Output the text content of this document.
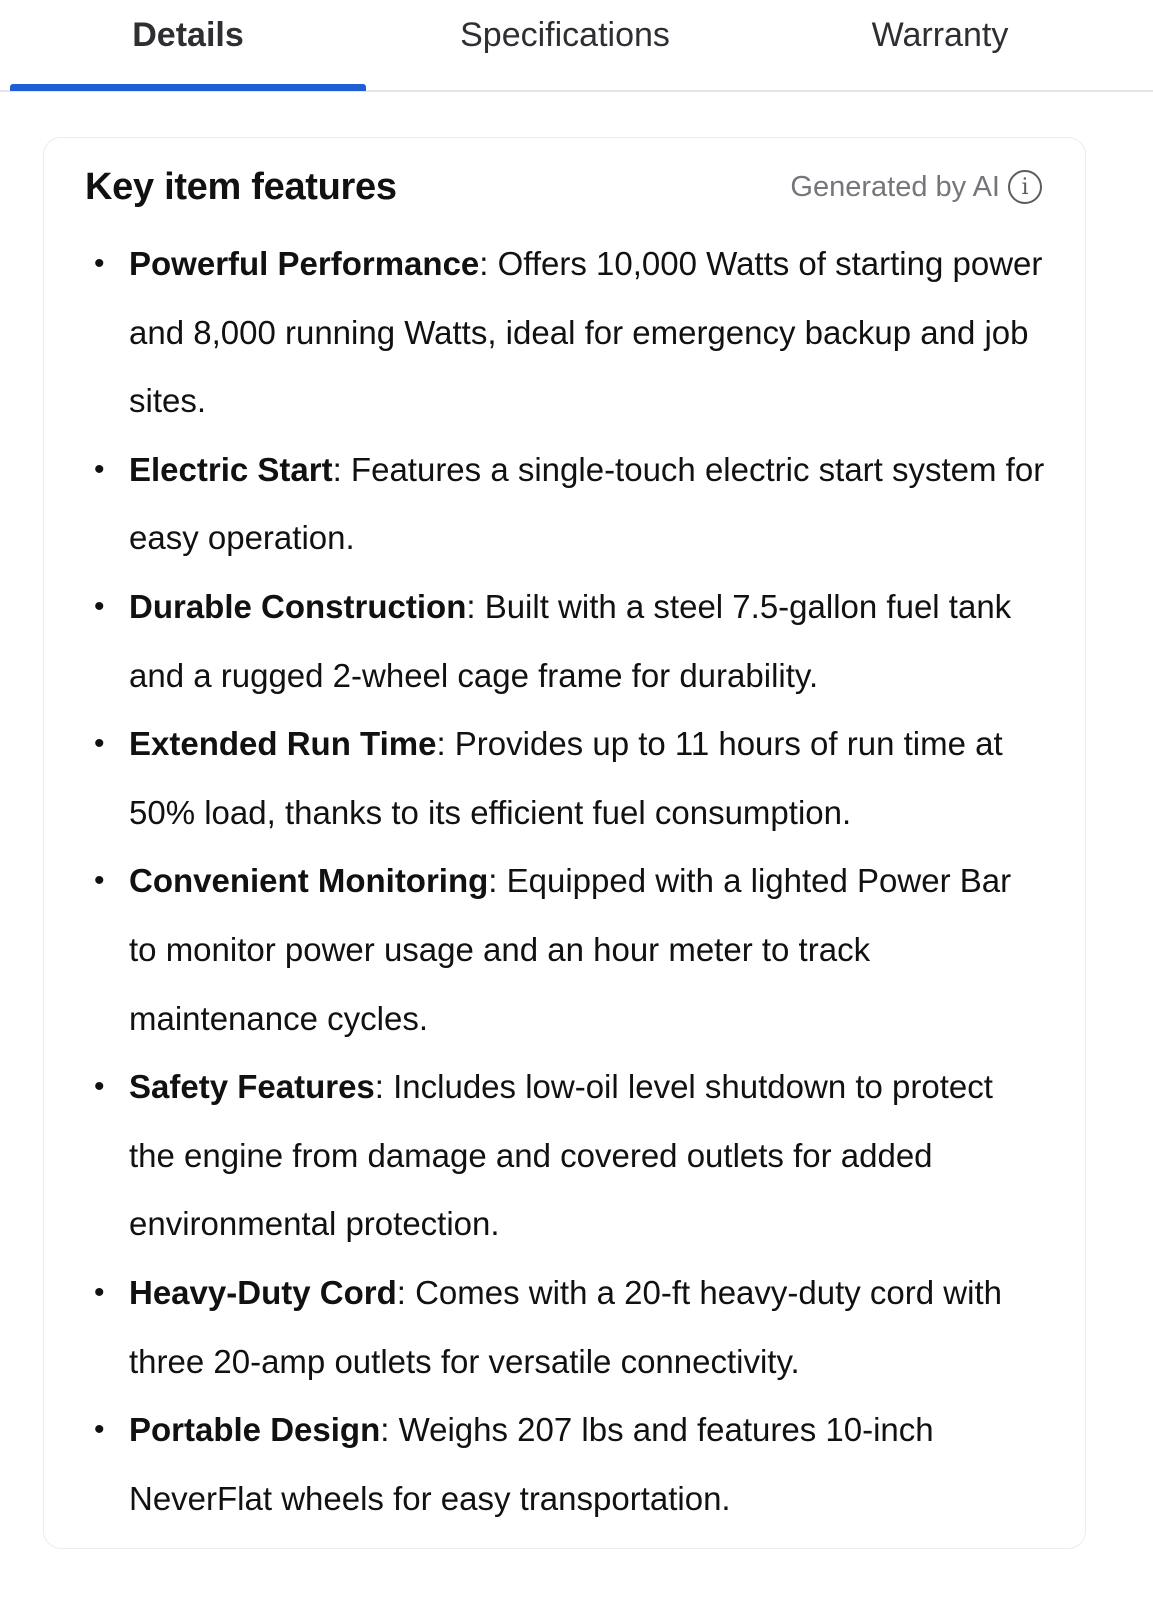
Details	Specifications	Warranty
Key item features	Generated by AI i
• Powerful Performance: Offers 10,000 Watts of starting power and 8,000 running Watts, ideal for emergency backup and job sites.
• Electric Start: Features a single-touch electric start system for easy operation.
• Durable Construction: Built with a steel 7.5-gallon fuel tank and a rugged 2-wheel cage frame for durability.
• Extended Run Time: Provides up to 11 hours of run time at 50% load, thanks to its efficient fuel consumption.
• Convenient Monitoring: Equipped with a lighted Power Bar to monitor power usage and an hour meter to track maintenance cycles.
• Safety Features: Includes low-oil level shutdown to protect the engine from damage and covered outlets for added environmental protection.
• Heavy-Duty Cord: Comes with a 20-ft heavy-duty cord with three 20-amp outlets for versatile connectivity.
• Portable Design: Weighs 207 lbs and features 10-inch NeverFlat wheels for easy transportation.
